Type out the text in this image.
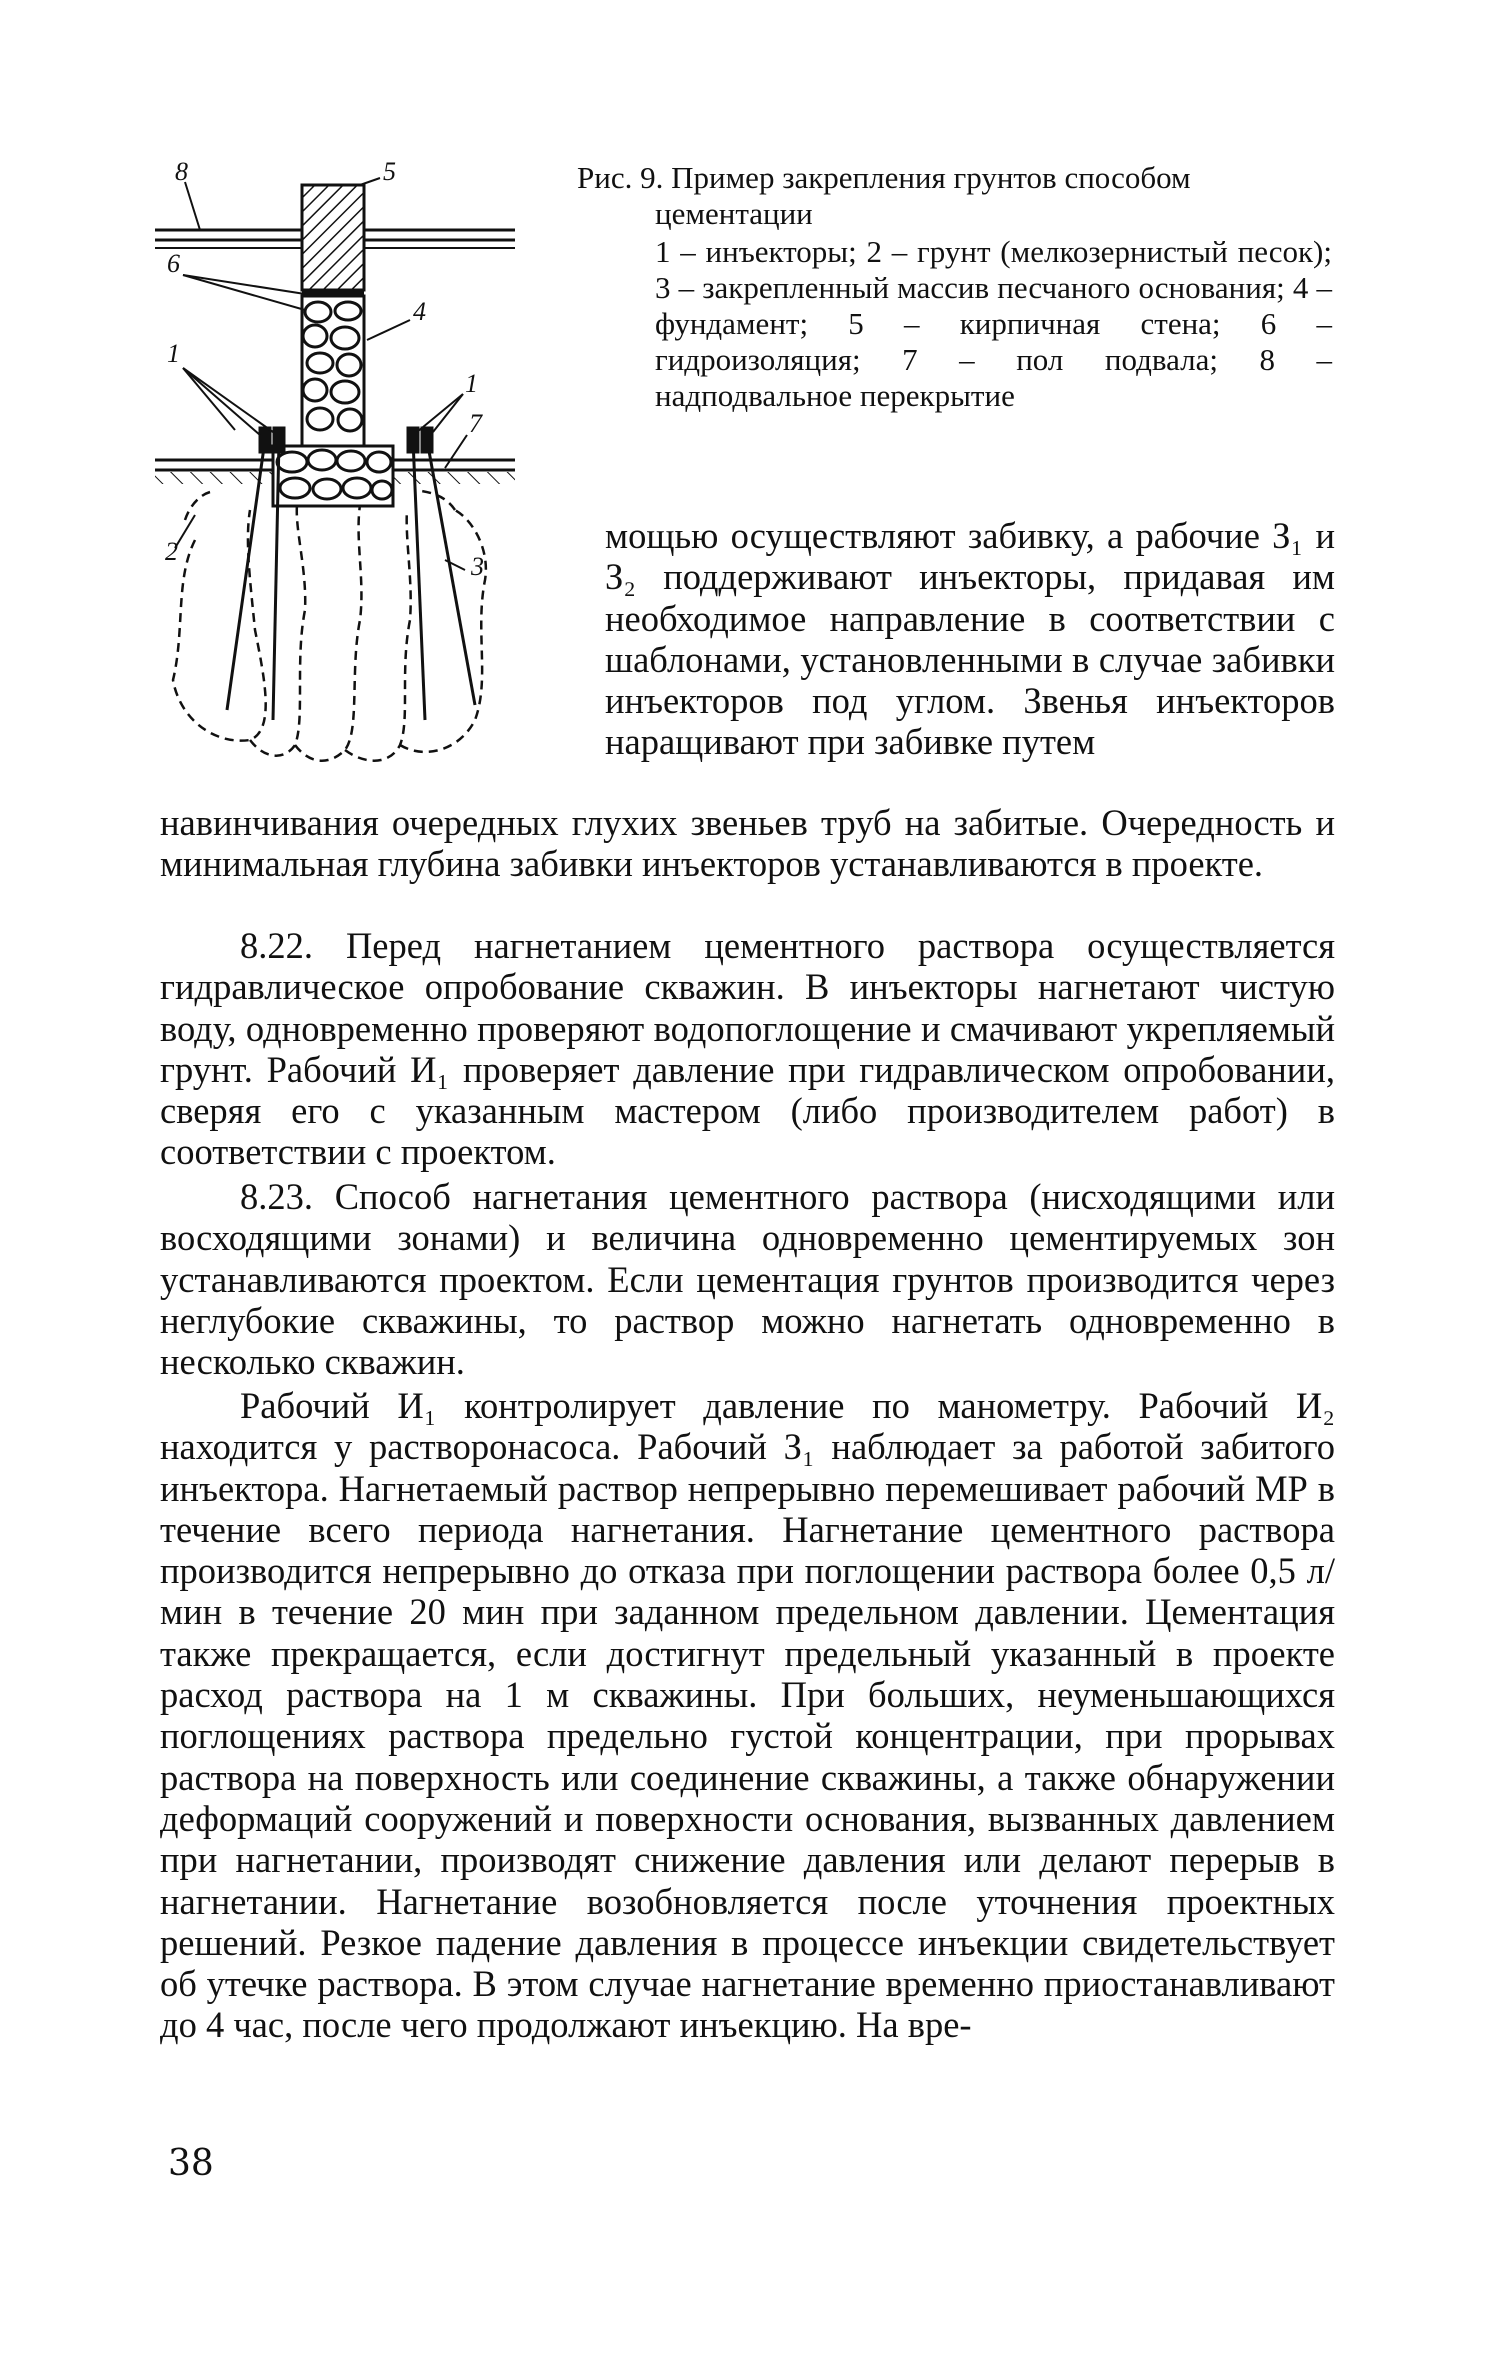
8	5
6
4
1
1
7
2
3
Рис. 9. Пример закрепления грунтов способом
цементации
1 – инъекторы; 2 – грунт (мелкозернистый песок); 3 – закрепленный массив песчаного основания; 4 – фундамент; 5 – кирпичная стена; 6 – гидроизоляция; 7 – пол подвала; 8 – надподвальное перекрытие

мощью осуществляют забивку, а рабочие З₁ и З₂ поддерживают инъекторы, придавая им необходимое направление в соответствии с шаблонами, установленными в случае забивки инъекторов под углом. Звенья инъекторов наращивают при забивке путем

навинчивания очередных глухих звеньев труб на забитые. Очередность и минимальная глубина забивки инъекторов устанавливаются в проекте.

8.22. Перед нагнетанием цементного раствора осуществляется гидравлическое опробование скважин. В инъекторы нагнетают чистую воду, одновременно проверяют водопоглощение и смачивают укрепляемый грунт. Рабочий И₁ проверяет давление при гидравлическом опробовании, сверяя его с указанным мастером (либо производителем работ) в соответствии с проектом.

8.23. Способ нагнетания цементного раствора (нисходящими или восходящими зонами) и величина одновременно цементируемых зон устанавливаются проектом. Если цементация грунтов производится через неглубокие скважины, то раствор можно нагнетать одновременно в несколько скважин.

Рабочий И₁ контролирует давление по манометру. Рабочий И₂ находится у растворонасоса. Рабочий З₁ наблюдает за работой забитого инъектора. Нагнетаемый раствор непрерывно перемешивает рабочий МР в течение всего периода нагнетания. Нагнетание цементного раствора производится непрерывно до отказа при поглощении раствора более 0,5 л/мин в течение 20 мин при заданном предельном давлении. Цементация также прекращается, если достигнут предельный указанный в проекте расход раствора на 1 м скважины. При больших, неуменьшающихся поглощениях раствора предельно густой концентрации, при прорывах раствора на поверхность или соединение скважины, а также обнаружении деформаций сооружений и поверхности основания, вызванных давлением при нагнетании, производят снижение давления или делают перерыв в нагнетании. Нагнетание возобновляется после уточнения проектных решений. Резкое падение давления в процессе инъекции свидетельствует об утечке раствора. В этом случае нагнетание временно приостанавливают до 4 час, после чего продолжают инъекцию. На вре-

38
